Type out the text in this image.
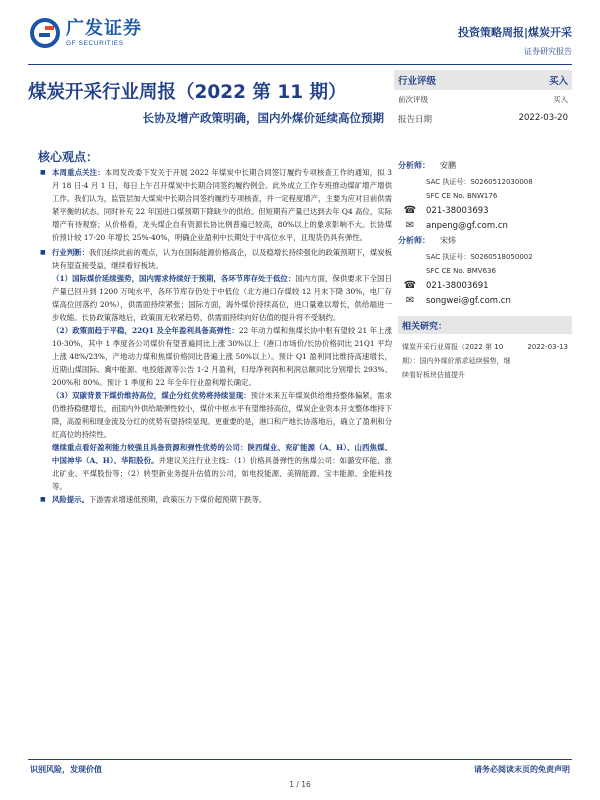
广发证券
GF SECURITIES
投资策略周报|煤炭开采
证券研究报告
煤炭开采行业周报（2022 第 11 期）
长协及增产政策明确，国内外煤价延续高位预期
行业评级	买入
前次评级	买入
报告日期	2022-03-20
核心观点：

■ 本周重点关注：本周发改委下发关于开展 2022 年煤炭中长期合同签订履约专项核查工作的通知，拟 3 月 18 日-4 月 1 日，每日上午召开煤炭中长期合同签约履约例会。此外成立工作专班推动煤矿增产增供工作。我们认为，监管层加大煤炭中长期合同签约履约专项核查，并一定程度增产，主要为应对目前供需紧平衡的状态。同时补充 22 年国进口煤预期下降缺少的供给。但短期有产量已达到去年 Q4 高位，实际增产有待观察；从价格看，龙头煤企自有资源长协比例普遍已较高，80%以上的象求影响不大。长协煤价预计较 17-20 年增长 25%-40%，明确企业盈利中长期处于中高位水平，且现货仍具有弹性。

■ 行业判断：我们延续此前的观点，认为在国际能源价格高企，以及稳增长持续强化的政策预期下，煤炭板块有望直接受益，继续看好板块。

（1）国际煤价延续强势，国内需求持续好于预期，各环节库存处于低位：国内方面，保供要求下全国日产量已回升到 1200 万吨水平，各环节库存仍处于中低位（北方港口存煤较 12 月末下降 30%，电厂存煤高位回落约 20%），供需面持续紧张；国际方面，海外煤价持续高位，进口量难以增长，供给端进一步收缩。长协政策落地后，政策面无收紧趋势，供需面持续向好估值的提升将不受制约。

（2）政策面趋于平稳，22Q1 及全年盈利具备高弹性：22 年动力煤和焦煤长协中枢有望较 21 年上涨 10-30%，其中 1 季度各公司煤价有望普遍同比上涨 30%以上（港口市场价/长协价格同比 21Q1 平均上涨 48%/23%，产地动力煤和焦煤价格同比普遍上涨 50%以上）。预计 Q1 盈利同比维持高速增长，近期山煤国际、冀中能源、电投能源等公告 1-2 月盈利，归母净利润和利润总额同比分别增长 293%、200%和 80%。预计 1 季度和 22 年全年行业盈利增长确定。

（3）双碳背景下煤价维持高位，煤企分红优势将持续显现：预计未来五年煤炭供给维持整体偏紧，需求仍维持稳健增长，而国内外供给端弹性较小，煤价中枢水平有望维持高位，煤炭企业资本开支整体维持下降，高盈利和现金流及分红的优势有望持续显现。更重要的是，港口和产地长协落地后，确立了盈利和分红高位的持续性。

继续重点看好盈利能力较强且具备资源和弹性优势的公司：陕西煤业、兖矿能源（A、H）、山西焦煤、中国神华（A、H）、华阳股份。并建议关注行业主线：（1）价格具备弹性的焦煤公司：如潞安环能、淮北矿业、平煤股份等；（2）转型新业务提升估值的公司，如电投能源、美锦能源、宝丰能源、金能科技等。

■ 风险提示。下游需求增速低预期，政策压力下煤价超预期下跌等。

分析师：	安鹏
SAC 执证号：S0260512030008
SFC CE No. BNW176
☎ 021-38003693
✉	anpeng@gf.com.cn
分析师：	宋炜
SAC 执证号：S0260518050002
SFC CE No. BMV636
☎ 021-38003691
✉	songwei@gf.com.cn
相关研究：
煤炭开采行业周报（2022 第 10 期）：国内外煤价需求延续强势，继续看好板块估值提升
2022-03-13
识别风险，发现价值	请务必阅读末页的免责声明
1 / 16
